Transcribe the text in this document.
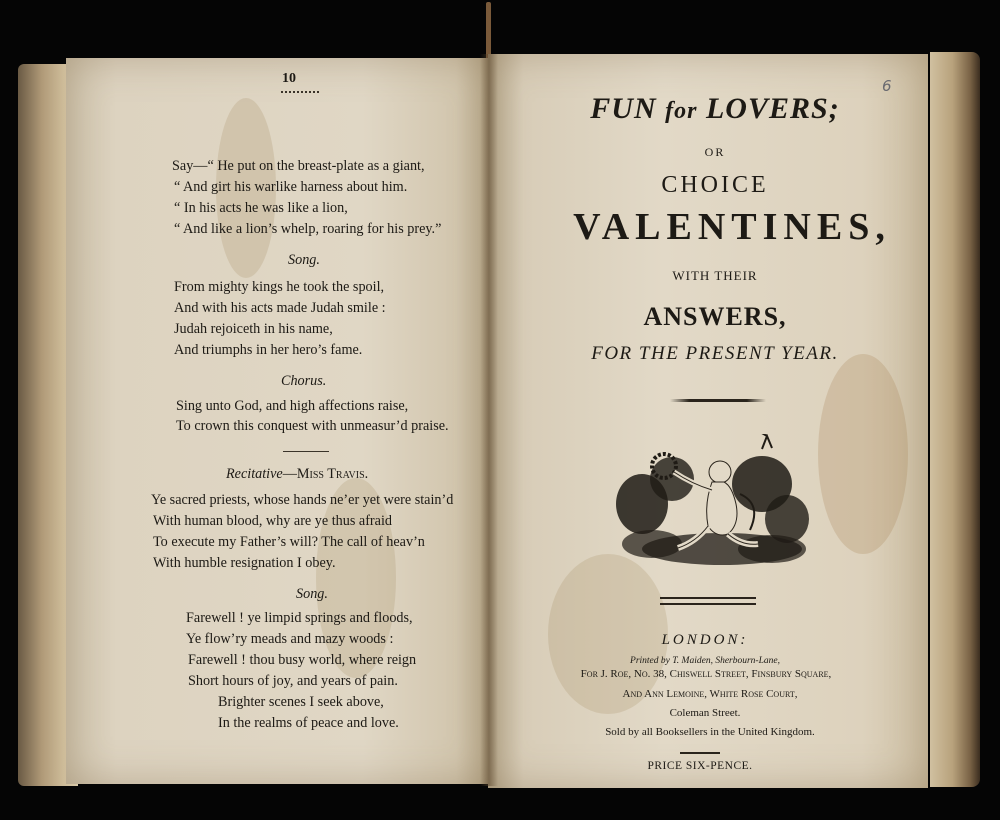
10
Say—“ He put on the breast-plate as a giant,
“ And girt his warlike harness about him.
“ In his acts he was like a lion,
“ And like a lion’s whelp, roaring for his prey.”
Song.
From mighty kings he took the spoil,
And with his acts made Judah smile :
Judah rejoiceth in his name,
And triumphs in her hero’s fame.
Chorus.
Sing unto God, and high affections raise,
To crown this conquest with unmeasur’d praise.
Recitative—Miss Travis.
Ye sacred priests, whose hands ne’er yet were stain’d
With human blood, why are ye thus afraid
To execute my Father’s will? The call of heav’n
With humble resignation I obey.
Song.
Farewell ! ye limpid springs and floods,
Ye flow’ry meads and mazy woods :
Farewell ! thou busy world, where reign
Short hours of joy, and years of pain.
Brighter scenes I seek above,
In the realms of peace and love.
6
FUN for LOVERS;
OR
CHOICE
VALENTINES,
WITH THEIR
ANSWERS,
FOR THE PRESENT YEAR.
LONDON:
Printed by T. Maiden, Sherbourn-Lane,
For J. Roe, No. 38, Chiswell Street, Finsbury Square,
And Ann Lemoine, White Rose Court,
Coleman Street.
Sold by all Booksellers in the United Kingdom.
PRICE SIX-PENCE.
